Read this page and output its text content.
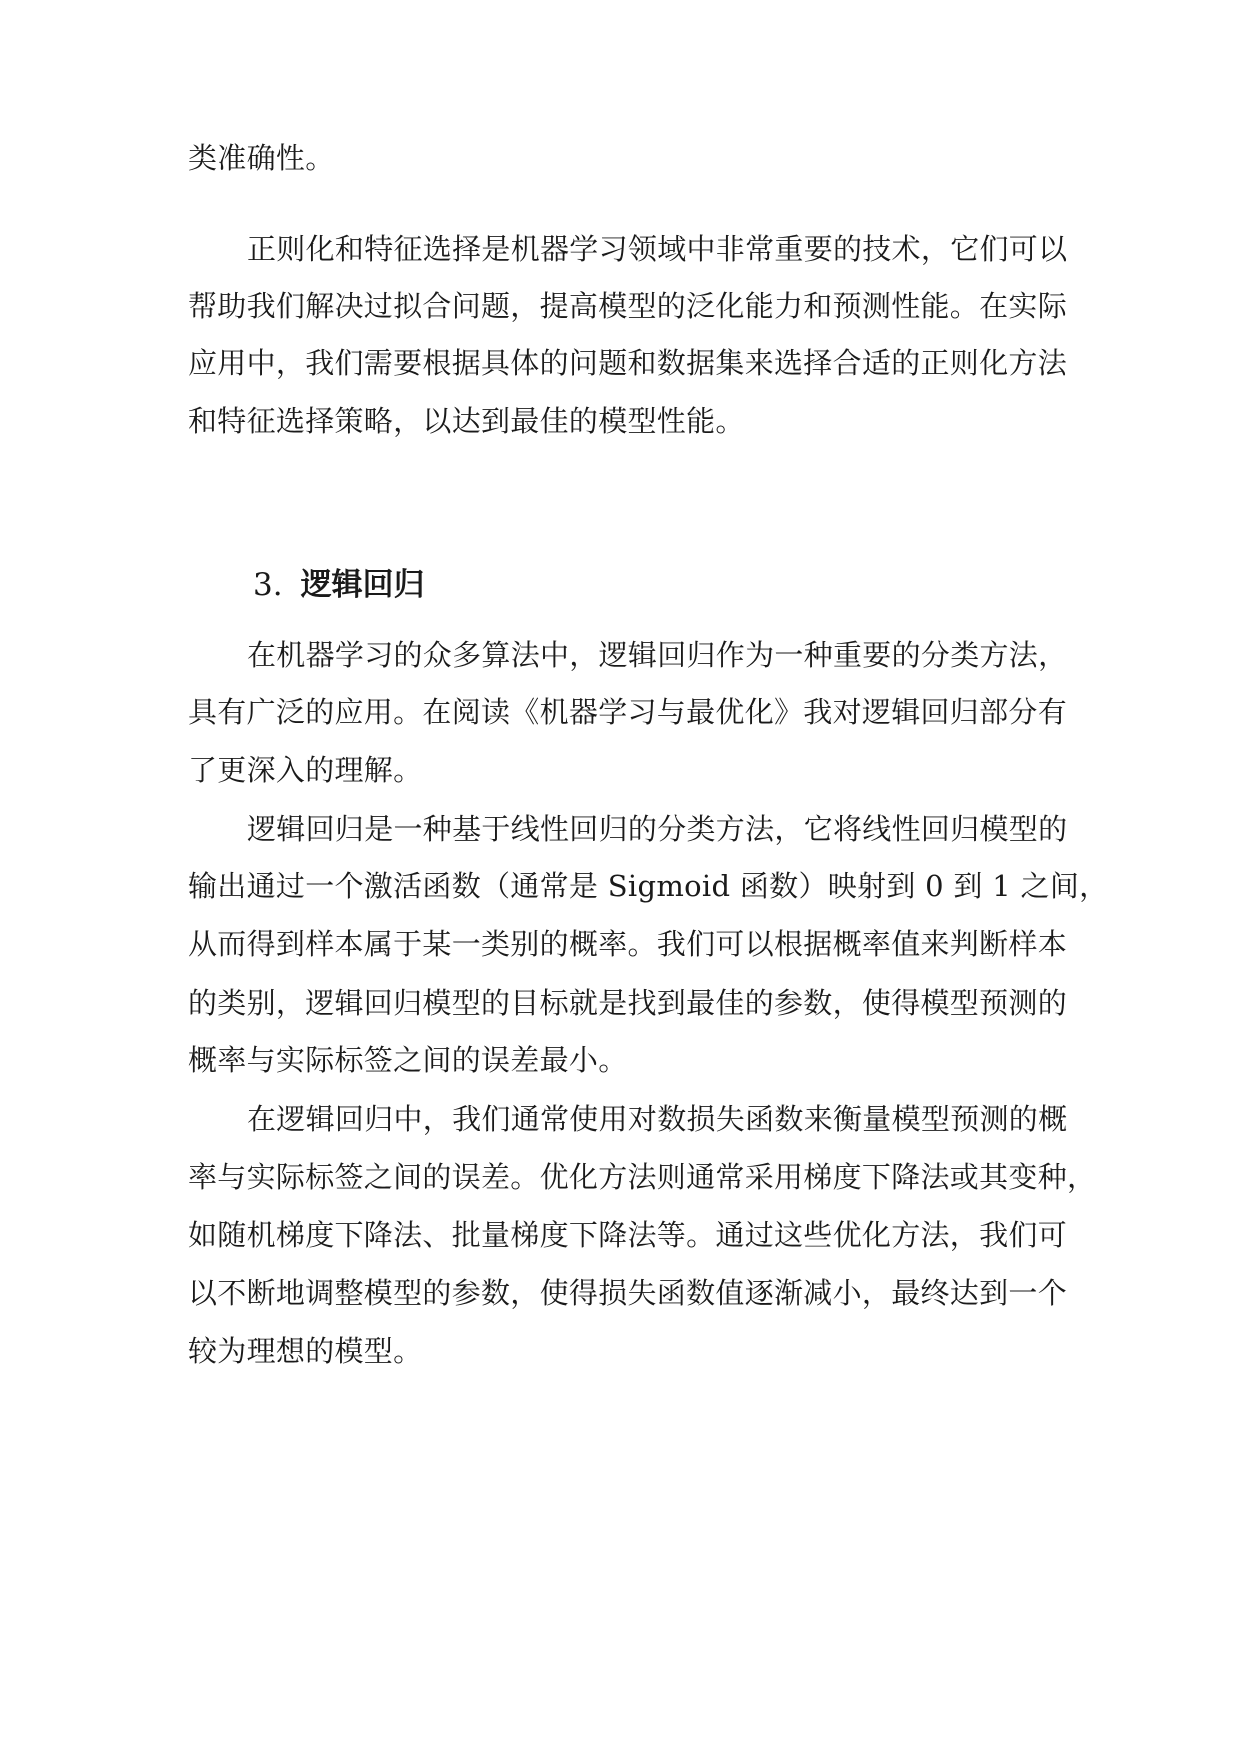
类准确性。
正则化和特征选择是机器学习领域中非常重要的技术，它们可以
帮助我们解决过拟合问题，提高模型的泛化能力和预测性能。在实际
应用中，我们需要根据具体的问题和数据集来选择合适的正则化方法
和特征选择策略，以达到最佳的模型性能。
3. 逻辑回归
在机器学习的众多算法中，逻辑回归作为一种重要的分类方法，
具有广泛的应用。在阅读《机器学习与最优化》我对逻辑回归部分有
了更深入的理解。
逻辑回归是一种基于线性回归的分类方法，它将线性回归模型的
输出通过一个激活函数（通常是 Sigmoid 函数）映射到 0 到 1 之间，
从而得到样本属于某一类别的概率。我们可以根据概率值来判断样本
的类别，逻辑回归模型的目标就是找到最佳的参数，使得模型预测的
概率与实际标签之间的误差最小。
在逻辑回归中，我们通常使用对数损失函数来衡量模型预测的概
率与实际标签之间的误差。优化方法则通常采用梯度下降法或其变种，
如随机梯度下降法、批量梯度下降法等。通过这些优化方法，我们可
以不断地调整模型的参数，使得损失函数值逐渐减小，最终达到一个
较为理想的模型。
